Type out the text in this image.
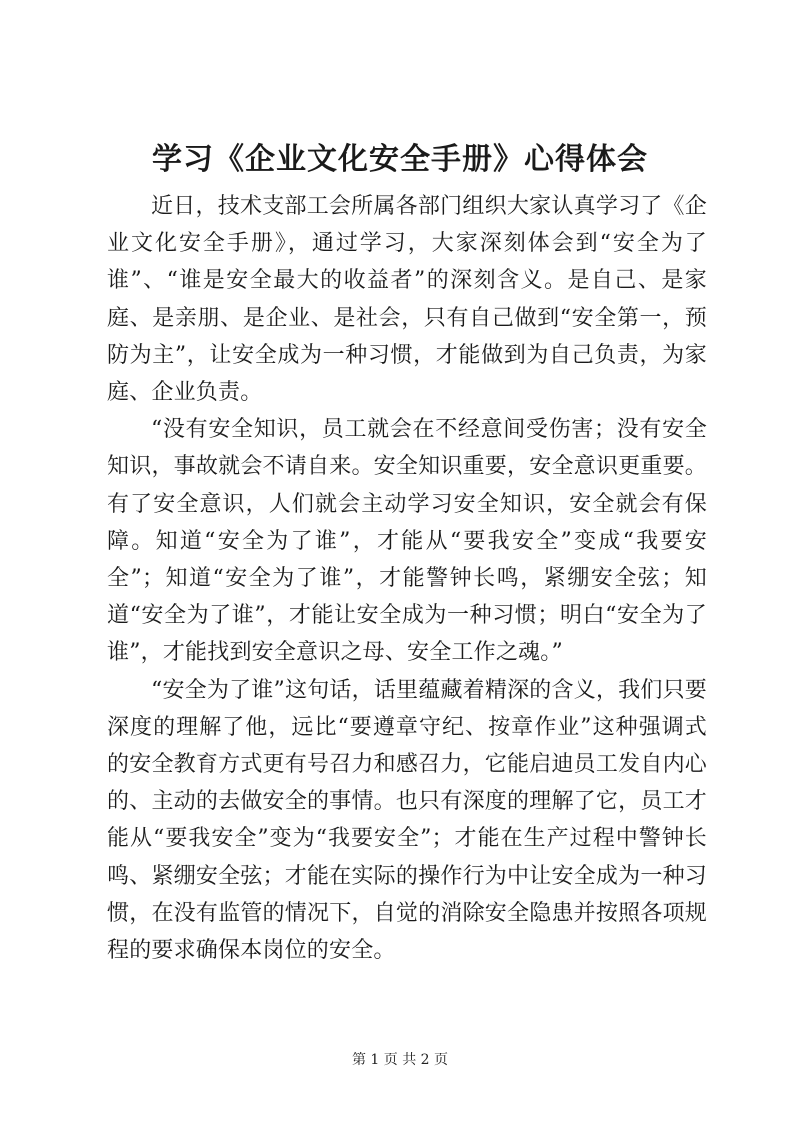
学习《企业文化安全手册》心得体会

近日，技术支部工会所属各部门组织大家认真学习了《企业文化安全手册》，通过学习，大家深刻体会到“安全为了谁”、“谁是安全最大的收益者”的深刻含义。是自己、是家庭、是亲朋、是企业、是社会，只有自己做到“安全第一，预防为主”，让安全成为一种习惯，才能做到为自己负责，为家庭、企业负责。

“没有安全知识，员工就会在不经意间受伤害；没有安全知识，事故就会不请自来。安全知识重要，安全意识更重要。有了安全意识，人们就会主动学习安全知识，安全就会有保障。知道“安全为了谁”，才能从“要我安全”变成“我要安全”；知道“安全为了谁”，才能警钟长鸣，紧绷安全弦；知道“安全为了谁”，才能让安全成为一种习惯；明白“安全为了谁”，才能找到安全意识之母、安全工作之魂。”

“安全为了谁”这句话，话里蕴藏着精深的含义，我们只要深度的理解了他，远比“要遵章守纪、按章作业”这种强调式的安全教育方式更有号召力和感召力，它能启迪员工发自内心的、主动的去做安全的事情。也只有深度的理解了它，员工才能从“要我安全”变为“我要安全”；才能在生产过程中警钟长鸣、紧绷安全弦；才能在实际的操作行为中让安全成为一种习惯，在没有监管的情况下，自觉的消除安全隐患并按照各项规程的要求确保本岗位的安全。

第 1 页 共 2 页
